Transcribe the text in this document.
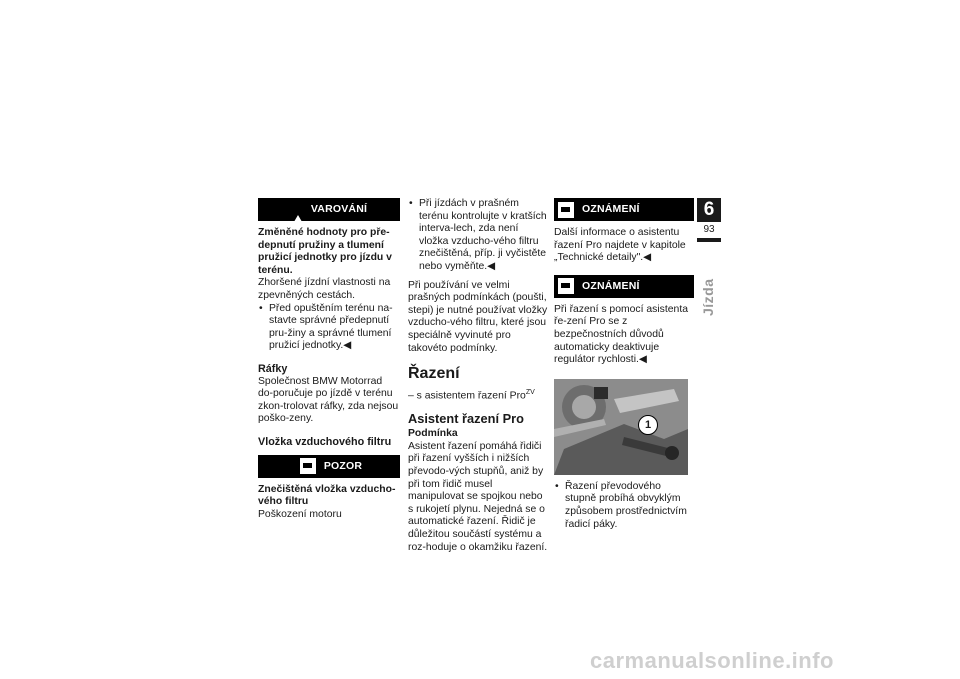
!
VAROVÁNÍ

Změněné hodnoty pro pře-depnutí pružiny a tlumení pružicí jednotky pro jízdu v terénu.

Zhoršené jízdní vlastnosti na zpevněných cestách.

• Před opuštěním terénu na-stavte správné předepnutí pru-žiny a správné tlumení pružicí jednotky.◀

Ráfky

Společnost BMW Motorrad do-poručuje po jízdě v terénu zkon-trolovat ráfky, zda nejsou poško-zeny.

Vložka vzduchového filtru

POZOR

Znečištěná vložka vzducho-vého filtru

Poškození motoru

• Při jízdách v prašném terénu kontrolujte v kratších interva-lech, zda není vložka vzducho-vého filtru znečištěná, příp. ji vyčistěte nebo vyměňte.◀

Při používání ve velmi prašných podmínkách (poušti, stepi) je nutné používat vložky vzducho-vého filtru, které jsou speciálně vyvinuté pro takovéto podmínky.

Řazení

– s asistentem řazení Pro$^{ZV}$

Asistent řazení Pro

Podmínka

Asistent řazení pomáhá řidiči při řazení vyšších i nižších převodo-vých stupňů, aniž by při tom řidič musel manipulovat se spojkou nebo s rukojetí plynu. Nejedná se o automatické řazení. Řidič je důležitou součástí systému a roz-hoduje o okamžiku řazení.

OZNÁMENÍ

Další informace o asistentu řazení Pro najdete v kapitole „Technické detaily".◀

OZNÁMENÍ

Při řazení s pomocí asistenta ře-zení Pro se z bezpečnostních důvodů automaticky deaktivuje regulátor rychlosti.◀

1
• Řazení převodového stupně probíhá obvyklým způsobem prostřednictvím řadicí páky.
6
93
Jízda
carmanualsonline.info
